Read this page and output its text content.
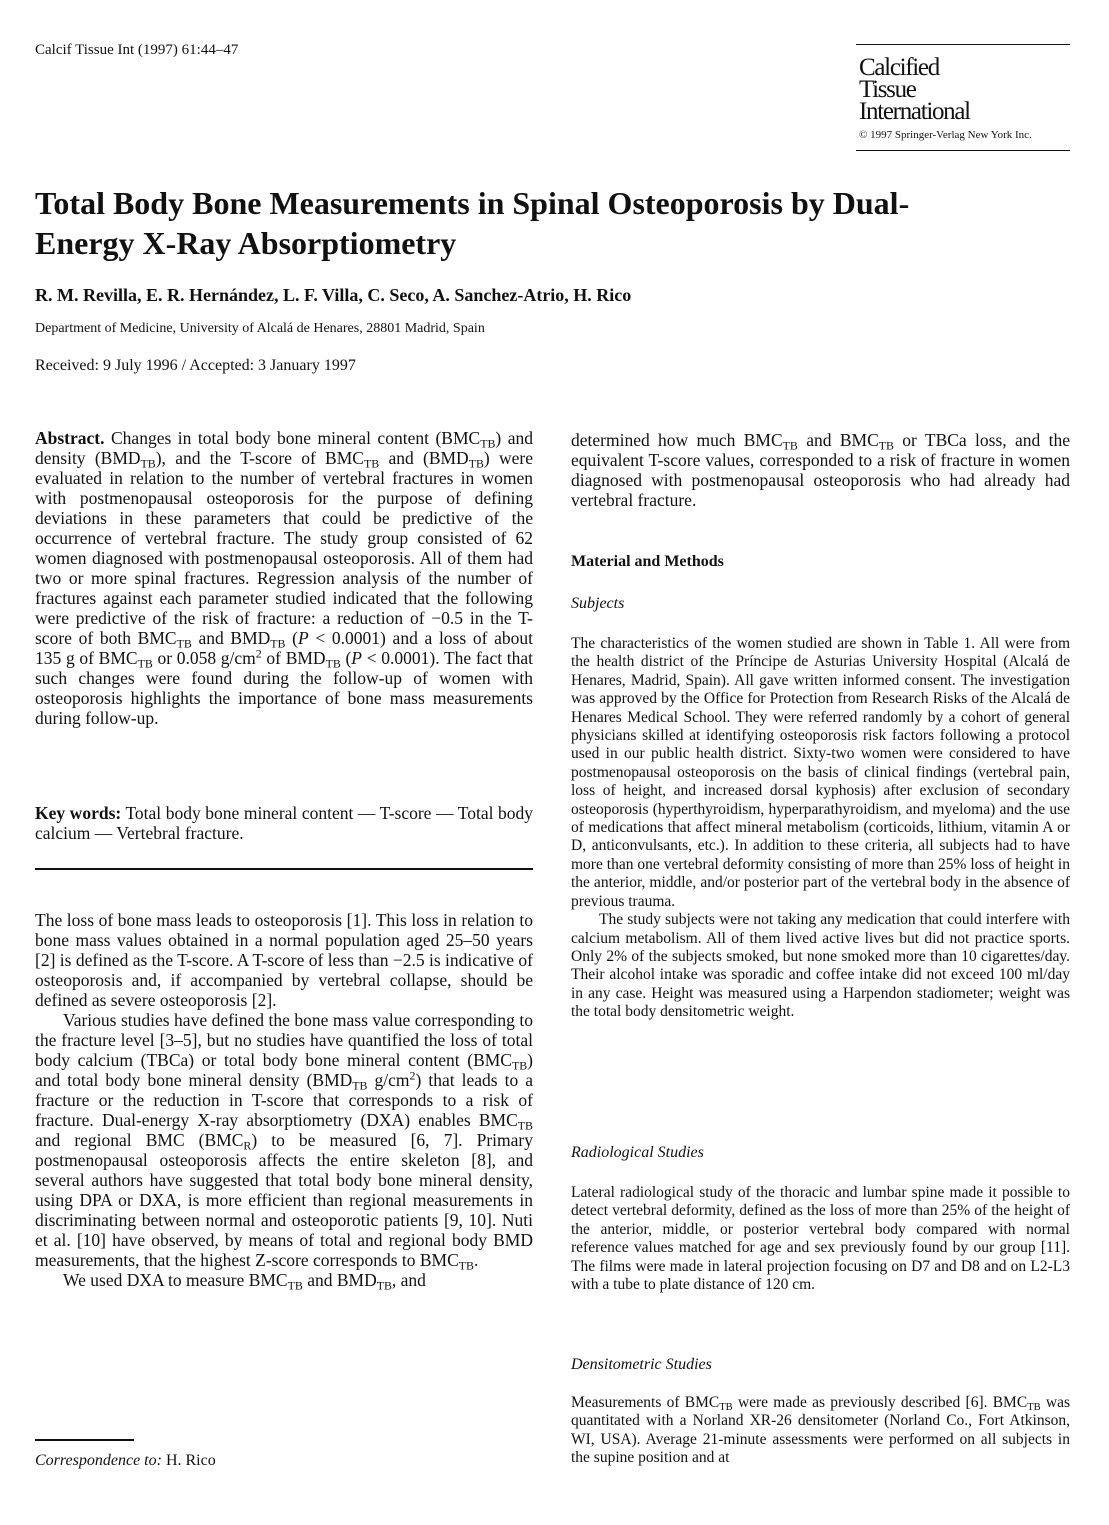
Calcif Tissue Int (1997) 61:44–47
Calcified
Tissue
International
© 1997 Springer-Verlag New York Inc.
Total Body Bone Measurements in Spinal Osteoporosis by Dual-Energy X-Ray Absorptiometry
R. M. Revilla, E. R. Hernández, L. F. Villa, C. Seco, A. Sanchez-Atrio, H. Rico
Department of Medicine, University of Alcalá de Henares, 28801 Madrid, Spain
Received: 9 July 1996 / Accepted: 3 January 1997

Abstract. Changes in total body bone mineral content $(BMC_{TB})$ and density $(BMD_{TB})$, and the T-score of $BMC_{TB}$ and $(BMD_{TB})$ were evaluated in relation to the number of vertebral fractures in women with postmenopausal osteoporosis for the purpose of defining deviations in these parameters that could be predictive of the occurrence of vertebral fracture. The study group consisted of 62 women diagnosed with postmenopausal osteoporosis. All of them had two or more spinal fractures. Regression analysis of the number of fractures against each parameter studied indicated that the following were predictive of the risk of fracture: a reduction of −0.5 in the T-score of both $BMC_{TB}$ and $BMD_{TB}$ (P < 0.0001) and a loss of about 135 g of $BMC_{TB}$ or 0.058 $g/cm^2$ of $BMD_{TB}$ (P < 0.0001). The fact that such changes were found during the follow-up of women with osteoporosis highlights the importance of bone mass measurements during follow-up.

Key words: Total body bone mineral content — T-score — Total body calcium — Vertebral fracture.

The loss of bone mass leads to osteoporosis [1]. This loss in relation to bone mass values obtained in a normal population aged 25–50 years [2] is defined as the T-score. A T-score of less than −2.5 is indicative of osteoporosis and, if accompanied by vertebral collapse, should be defined as severe osteoporosis [2].

Various studies have defined the bone mass value corresponding to the fracture level [3–5], but no studies have quantified the loss of total body calcium (TBCa) or total body bone mineral content $(BMC_{TB})$ and total body bone mineral density ($BMD_{TB}$ $g/cm^2$) that leads to a fracture or the reduction in T-score that corresponds to a risk of fracture. Dual-energy X-ray absorptiometry (DXA) enables $BMC_{TB}$ and regional BMC $(BMC_R)$ to be measured [6, 7]. Primary postmenopausal osteoporosis affects the entire skeleton [8], and several authors have suggested that total body bone mineral density, using DPA or DXA, is more efficient than regional measurements in discriminating between normal and osteoporotic patients [9, 10]. Nuti et al. [10] have observed, by means of total and regional body BMD measurements, that the highest Z-score corresponds to $BMC_{TB}$.

We used DXA to measure $BMC_{TB}$ and $BMD_{TB}$, and

Correspondence to: H. Rico

determined how much $BMC_{TB}$ and $BMC_{TB}$ or TBCa loss, and the equivalent T-score values, corresponded to a risk of fracture in women diagnosed with postmenopausal osteoporosis who had already had vertebral fracture.

Material and Methods
Subjects

The characteristics of the women studied are shown in Table 1. All were from the health district of the Príncipe de Asturias University Hospital (Alcalá de Henares, Madrid, Spain). All gave written informed consent. The investigation was approved by the Office for Protection from Research Risks of the Alcalá de Henares Medical School. They were referred randomly by a cohort of general physicians skilled at identifying osteoporosis risk factors following a protocol used in our public health district. Sixty-two women were considered to have postmenopausal osteoporosis on the basis of clinical findings (vertebral pain, loss of height, and increased dorsal kyphosis) after exclusion of secondary osteoporosis (hyperthyroidism, hyperparathyroidism, and myeloma) and the use of medications that affect mineral metabolism (corticoids, lithium, vitamin A or D, anticonvulsants, etc.). In addition to these criteria, all subjects had to have more than one vertebral deformity consisting of more than 25% loss of height in the anterior, middle, and/or posterior part of the vertebral body in the absence of previous trauma.

The study subjects were not taking any medication that could interfere with calcium metabolism. All of them lived active lives but did not practice sports. Only 2% of the subjects smoked, but none smoked more than 10 cigarettes/day. Their alcohol intake was sporadic and coffee intake did not exceed 100 ml/day in any case. Height was measured using a Harpendon stadiometer; weight was the total body densitometric weight.

Radiological Studies

Lateral radiological study of the thoracic and lumbar spine made it possible to detect vertebral deformity, defined as the loss of more than 25% of the height of the anterior, middle, or posterior vertebral body compared with normal reference values matched for age and sex previously found by our group [11]. The films were made in lateral projection focusing on D7 and D8 and on L2-L3 with a tube to plate distance of 120 cm.

Densitometric Studies

Measurements of $BMC_{TB}$ were made as previously described [6]. $BMC_{TB}$ was quantitated with a Norland XR-26 densitometer (Norland Co., Fort Atkinson, WI, USA). Average 21-minute assessments were performed on all subjects in the supine position and at
